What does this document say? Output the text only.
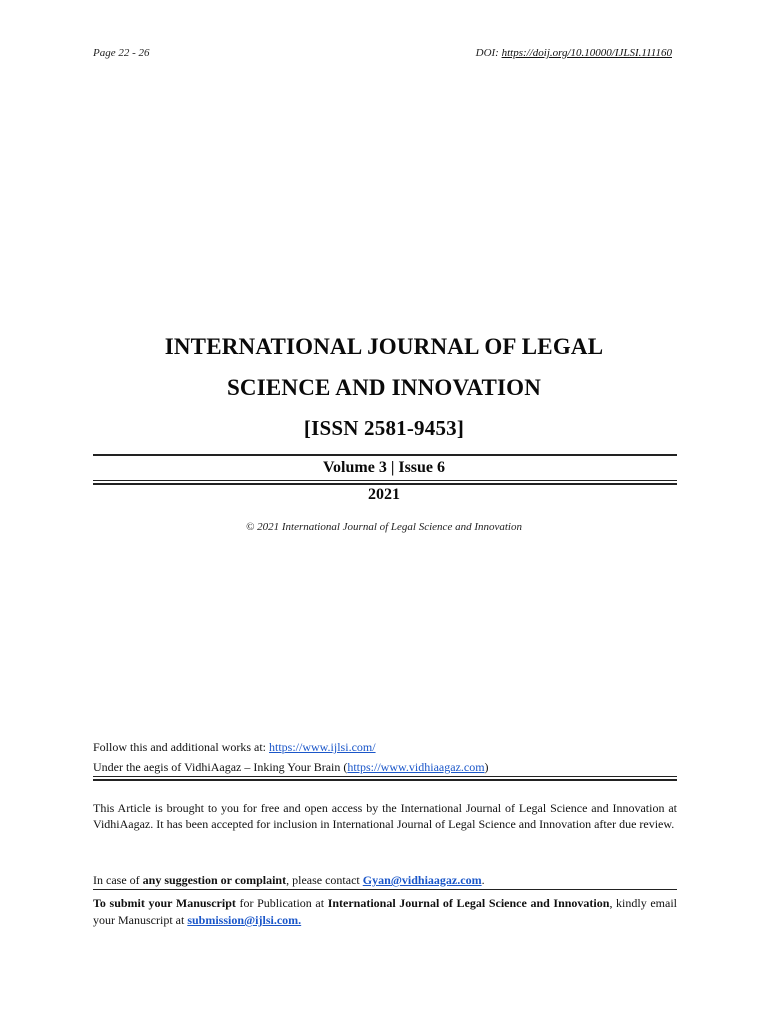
Page 22 - 26	DOI: https://doij.org/10.10000/IJLSI.111160
INTERNATIONAL JOURNAL OF LEGAL
SCIENCE AND INNOVATION
[ISSN 2581-9453]
Volume 3 | Issue 6
2021
© 2021 International Journal of Legal Science and Innovation
Follow this and additional works at: https://www.ijlsi.com/
Under the aegis of VidhiAagaz – Inking Your Brain (https://www.vidhiaagaz.com)
This Article is brought to you for free and open access by the International Journal of Legal Science and Innovation at VidhiAagaz. It has been accepted for inclusion in International Journal of Legal Science and Innovation after due review.
In case of any suggestion or complaint, please contact Gyan@vidhiaagaz.com.
To submit your Manuscript for Publication at International Journal of Legal Science and Innovation, kindly email your Manuscript at submission@ijlsi.com.
